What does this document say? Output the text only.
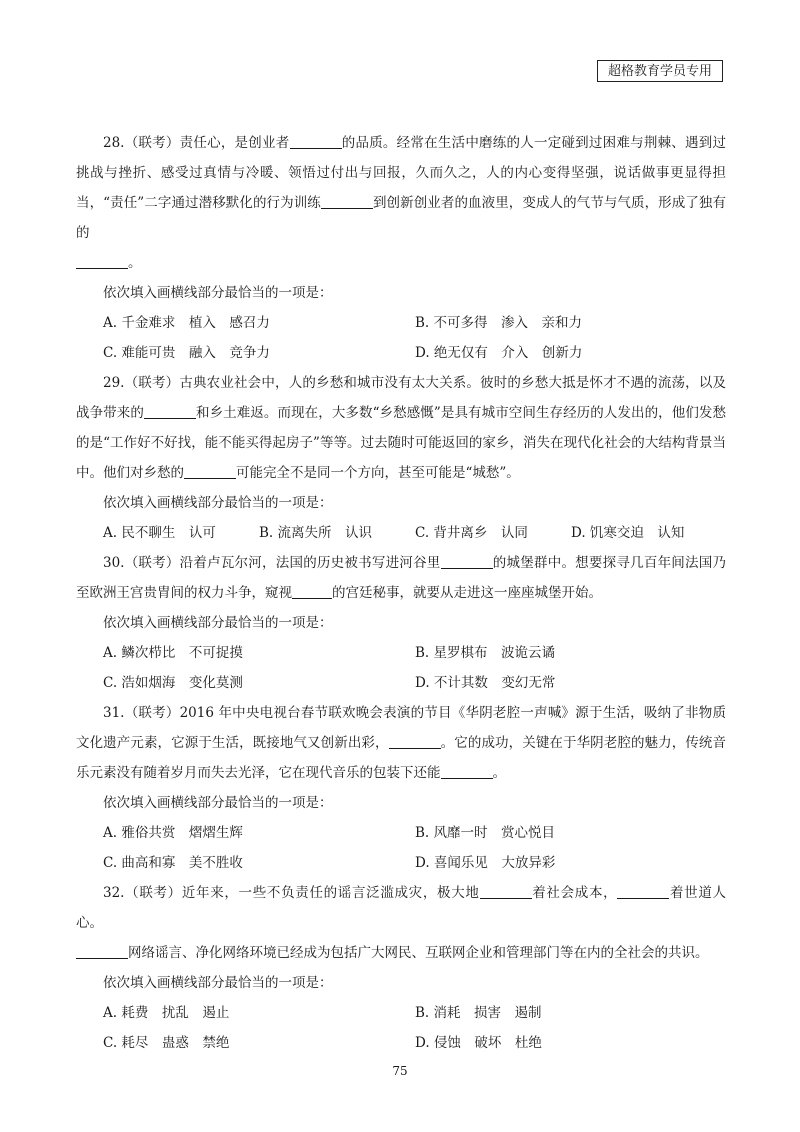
超格教育学员专用

28.（联考）责任心，是创业者	的品质。经常在生活中磨练的人一定碰到过困难与荆棘、遇到过挑战与挫折、感受过真情与冷暖、领悟过付出与回报，久而久之，人的内心变得坚强，说话做事更显得担当，“责任”二字通过潜移默化的行为训练	到创新创业者的血液里，变成人的气节与气质，形成了独有的
。

依次填入画横线部分最恰当的一项是：

A. 千金难求　植入　感召力	B. 不可多得　渗入　亲和力
C. 难能可贵　融入　竞争力	D. 绝无仅有　介入　创新力

29.（联考）古典农业社会中，人的乡愁和城市没有太大关系。彼时的乡愁大抵是怀才不遇的流荡，以及战争带来的	和乡土难返。而现在，大多数“乡愁感慨”是具有城市空间生存经历的人发出的，他们发愁的是“工作好不好找，能不能买得起房子”等等。过去随时可能返回的家乡，消失在现代化社会的大结构背景当中。他们对乡愁的	可能完全不是同一个方向，甚至可能是“城愁”。

依次填入画横线部分最恰当的一项是：

A. 民不聊生　认可	B. 流离失所　认识	C. 背井离乡　认同	D. 饥寒交迫　认知

30.（联考）沿着卢瓦尔河，法国的历史被书写进河谷里	的城堡群中。想要探寻几百年间法国乃至欧洲王宫贵胄间的权力斗争，窥视	的宫廷秘事，就要从走进这一座座城堡开始。

依次填入画横线部分最恰当的一项是：

A. 鳞次栉比　不可捉摸	B. 星罗棋布　波诡云谲
C. 浩如烟海　变化莫测	D. 不计其数　变幻无常

31.（联考）2016 年中央电视台春节联欢晚会表演的节目《华阴老腔一声喊》源于生活，吸纳了非物质文化遗产元素，它源于生活，既接地气又创新出彩，	。它的成功，关键在于华阴老腔的魅力，传统音乐元素没有随着岁月而失去光泽，它在现代音乐的包装下还能	。

依次填入画横线部分最恰当的一项是：

A. 雅俗共赏　熠熠生辉	B. 风靡一时　赏心悦目
C. 曲高和寡　美不胜收	D. 喜闻乐见　大放异彩

32.（联考）近年来，一些不负责任的谣言泛滥成灾，极大地	着社会成本，	着世道人心。
网络谣言、净化网络环境已经成为包括广大网民、互联网企业和管理部门等在内的全社会的共识。

依次填入画横线部分最恰当的一项是：

A. 耗费　扰乱　遏止	B. 消耗　损害　遏制
C. 耗尽　蛊惑　禁绝	D. 侵蚀　破坏　杜绝
75
